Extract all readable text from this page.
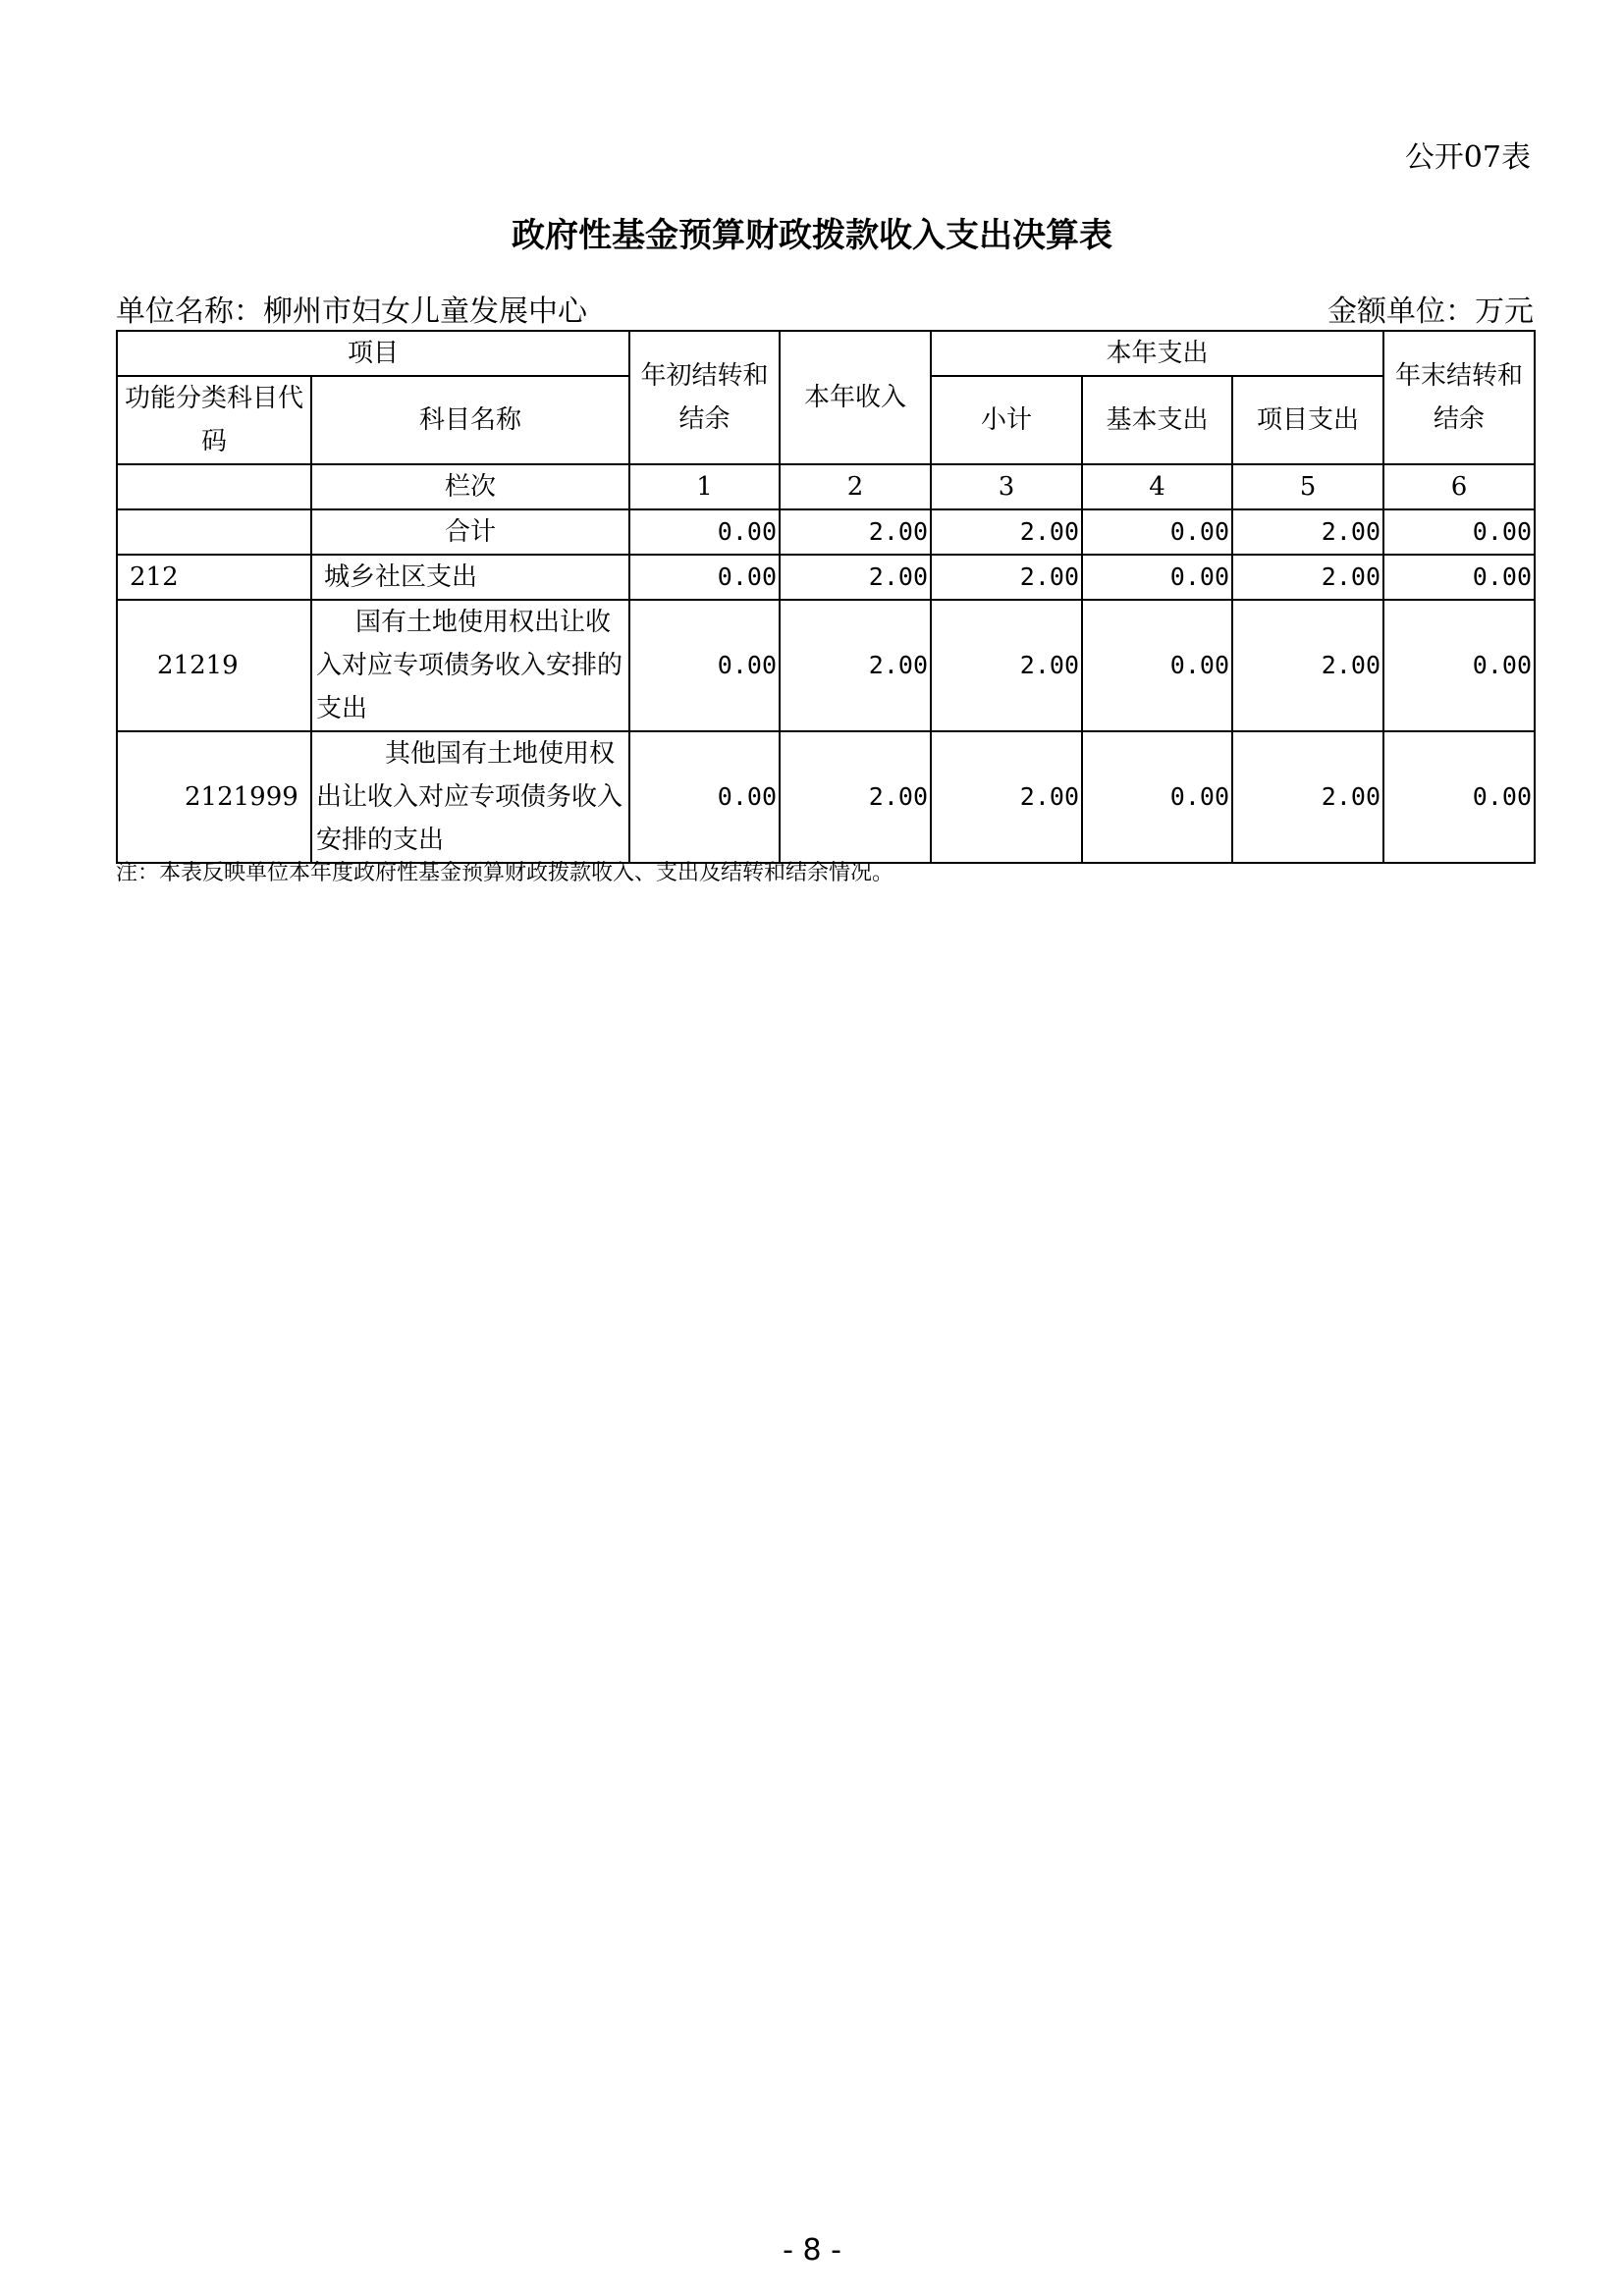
公开07表
政府性基金预算财政拨款收入支出决算表
单位名称：柳州市妇女儿童发展中心	金额单位：万元
项目		年初结转和结余	本年收入	本年支出			年末结转和结余
功能分类科目代码	科目名称			小计	基本支出	项目支出	
	栏次	1	2	3	4	5	6
	合计	0.00	2.00	2.00	0.00	2.00	0.00
212	城乡社区支出	0.00	2.00	2.00	0.00	2.00	0.00
21219	国有土地使用权出让收入对应专项债务收入安排的支出	0.00	2.00	2.00	0.00	2.00	0.00
2121999	其他国有土地使用权出让收入对应专项债务收入安排的支出	0.00	2.00	2.00	0.00	2.00	0.00
注：本表反映单位本年度政府性基金预算财政拨款收入、支出及结转和结余情况。
- 8 -
